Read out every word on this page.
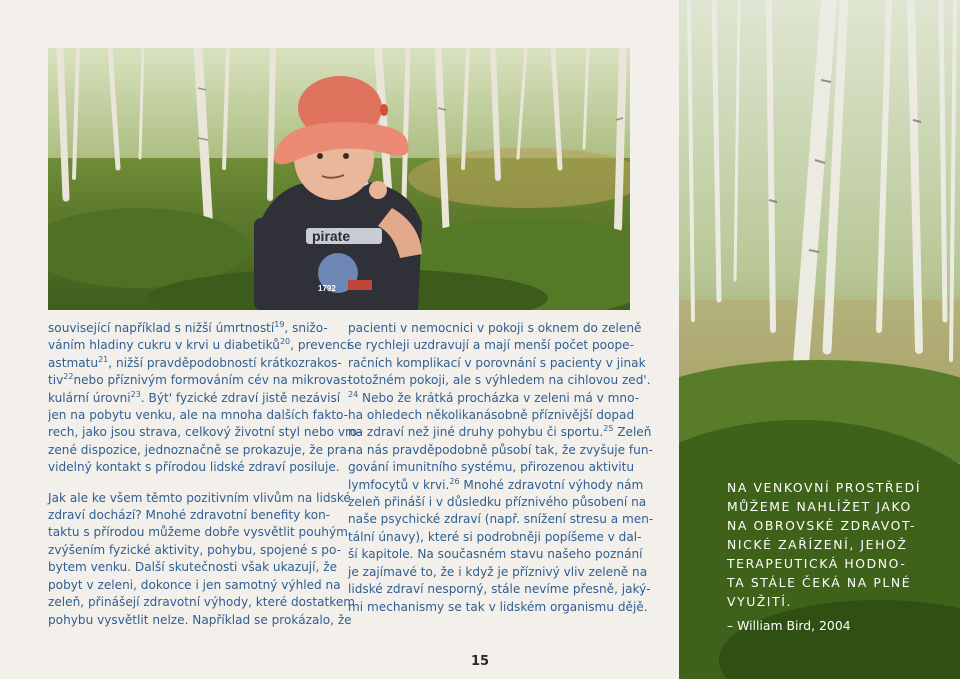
pirate
1792

související například s nižší úmrtností$^{19}$, snižo-
váním hladiny cukru v krvi u diabetiků$^{20}$, prevencí
astmatu$^{21}$, nižší pravděpodobností krátkozrakos-
tiv$^{22}$nebo příznivým formováním cév na mikrovas-
kulární úrovni$^{23}$. Být' fyzické zdraví jistě nezávisí
jen na pobytu venku, ale na mnoha dalších fakto-
rech, jako jsou strava, celkový životní styl nebo vro-
zené dispozice, jednoznačně se prokazuje, že pra-
videlný kontakt s přírodou lidské zdraví posiluje.

Jak ale ke všem těmto pozitivním vlivům na lidské
zdraví dochází? Mnohé zdravotní benefity kon-
taktu s přírodou můžeme dobře vysvětlit pouhým
zvýšením fyzické aktivity, pohybu, spojené s po-
bytem venku. Další skutečnosti však ukazují, že
pobyt v zeleni, dokonce i jen samotný výhled na
zeleň, přinášejí zdravotní výhody, které dostatkem
pohybu vysvětlit nelze. Například se prokázalo, že

pacienti v nemocnici v pokoji s oknem do zeleně
se rychleji uzdravují a mají menší počet poope-
račních komplikací v porovnání s pacienty v jinak
totožném pokoji, ale s výhledem na cihlovou zed'.
$^{24}$ Nebo že krátká procházka v zeleni má v mno-
ha ohledech několikanásobně příznivější dopad
na zdraví než jiné druhy pohybu či sportu.$^{25}$ Zeleň
na nás pravděpodobně působí tak, že zvyšuje fun-
gování imunitního systému, přirozenou aktivitu
lymfocytů v krvi.$^{26}$ Mnohé zdravotní výhody nám
zeleň přináší i v důsledku příznivého působení na
naše psychické zdraví (např. snížení stresu a men-
tální únavy), které si podrobněji popíšeme v dal-
ší kapitole. Na současném stavu našeho poznání
je zajímavé to, že i když je příznivý vliv zeleně na
lidské zdraví nesporný, stále nevíme přesně, jaký-
mi mechanismy se tak v lidském organismu dějě.

15
NA VENKOVNÍ PROSTŘEDÍ
MŮŽEME NAHLÍŽET JAKO
NA OBROVSKÉ ZDRAVOT-
NICKÉ ZAŘÍZENÍ, JEHOŽ
TERAPEUTICKÁ HODNO-
TA STÁLE ČEKÁ NA PLNÉ
VYUŽITÍ.
– William Bird, 2004
